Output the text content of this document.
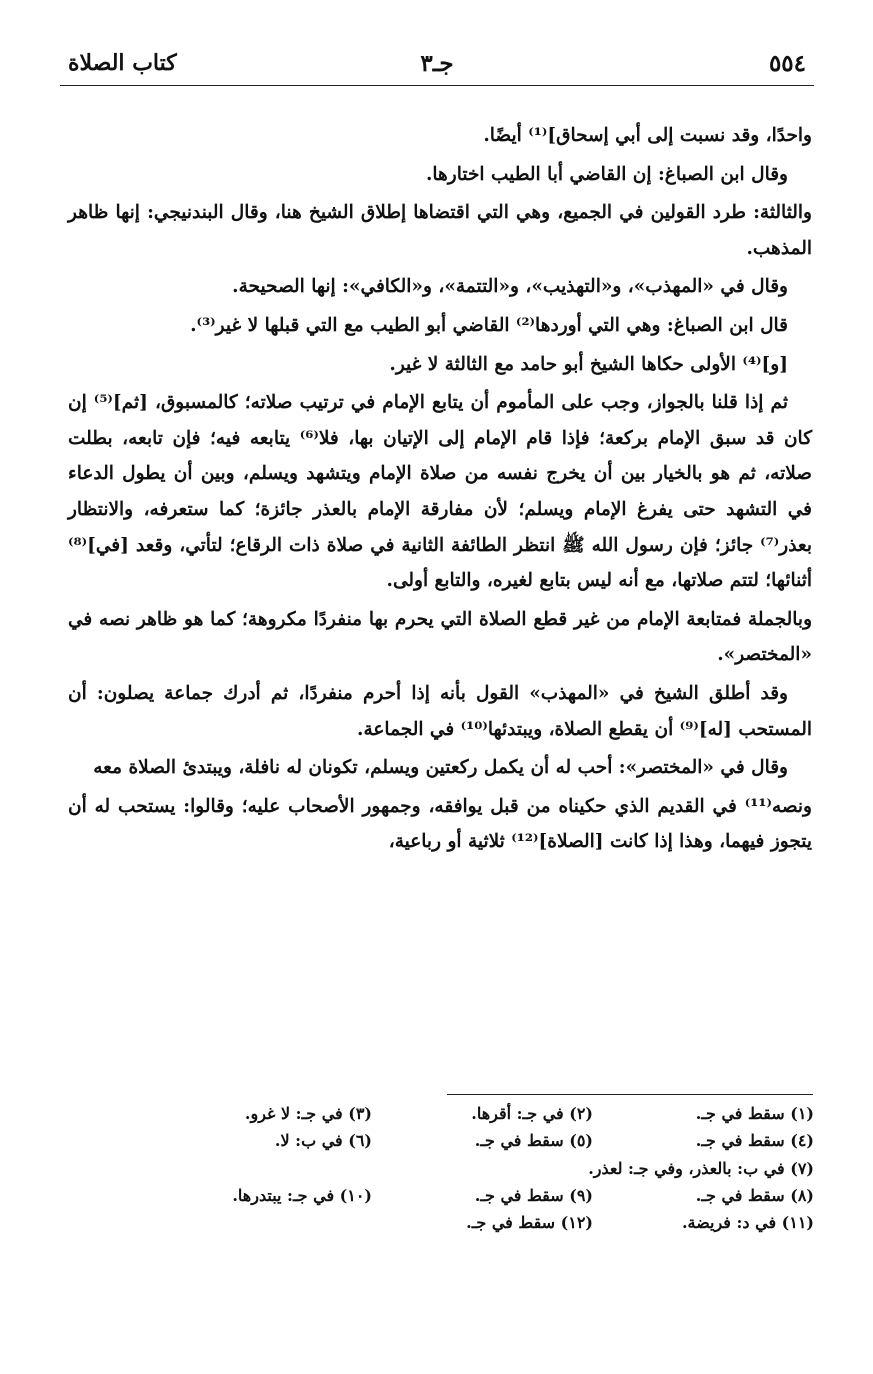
٥٥٤
جـ٣
كتاب الصلاة

واحدًا، وقد نسبت إلى أبي إسحاق]⁽¹⁾ أيضًا.

وقال ابن الصباغ: إن القاضي أبا الطيب اختارها.

والثالثة: طرد القولين في الجميع، وهي التي اقتضاها إطلاق الشيخ هنا، وقال البندنيجي: إنها ظاهر المذهب.

وقال في «المهذب»، و«التهذيب»، و«التتمة»، و«الكافي»: إنها الصحيحة.

قال ابن الصباغ: وهي التي أوردها⁽²⁾ القاضي أبو الطيب مع التي قبلها لا غير⁽³⁾.

[و]⁽⁴⁾ الأولى حكاها الشيخ أبو حامد مع الثالثة لا غير.

ثم إذا قلنا بالجواز، وجب على المأموم أن يتابع الإمام في ترتيب صلاته؛ كالمسبوق، [ثم]⁽⁵⁾ إن كان قد سبق الإمام بركعة؛ فإذا قام الإمام إلى الإتيان بها، فلا⁽⁶⁾ يتابعه فيه؛ فإن تابعه، بطلت صلاته، ثم هو بالخيار بين أن يخرج نفسه من صلاة الإمام ويتشهد ويسلم، وبين أن يطول الدعاء في التشهد حتى يفرغ الإمام ويسلم؛ لأن مفارقة الإمام بالعذر جائزة؛ كما ستعرفه، والانتظار بعذر⁽⁷⁾ جائز؛ فإن رسول الله ﷺ انتظر الطائفة الثانية في صلاة ذات الرقاع؛ لتأتي، وقعد [في]⁽⁸⁾ أثنائها؛ لتتم صلاتها، مع أنه ليس بتابع لغيره، والتابع أولى.

وبالجملة فمتابعة الإمام من غير قطع الصلاة التي يحرم بها منفردًا مكروهة؛ كما هو ظاهر نصه في «المختصر».

وقد أطلق الشيخ في «المهذب» القول بأنه إذا أحرم منفردًا، ثم أدرك جماعة يصلون: أن المستحب [له]⁽⁹⁾ أن يقطع الصلاة، ويبتدئها⁽¹⁰⁾ في الجماعة.

وقال في «المختصر»: أحب له أن يكمل ركعتين ويسلم، تكونان له نافلة، ويبتدئ الصلاة معه

ونصه⁽¹¹⁾ في القديم الذي حكيناه من قبل يوافقه، وجمهور الأصحاب عليه؛ وقالوا: يستحب له أن يتجوز فيهما، وهذا إذا كانت [الصلاة]⁽¹²⁾ ثلاثية أو رباعية،

(١) سقط في جـ.
(٢) في جـ: أقرها.
(٣) في جـ: لا غرو.
(٤) سقط في جـ.
(٥) سقط في جـ.
(٦) في ب: لا.
(٧) في ب: بالعذر، وفي جـ: لعذر.
(٨) سقط في جـ.
(٩) سقط في جـ.
(١٠) في جـ: يبتدرها.
(١١) في د: فريضة.
(١٢) سقط في جـ.
